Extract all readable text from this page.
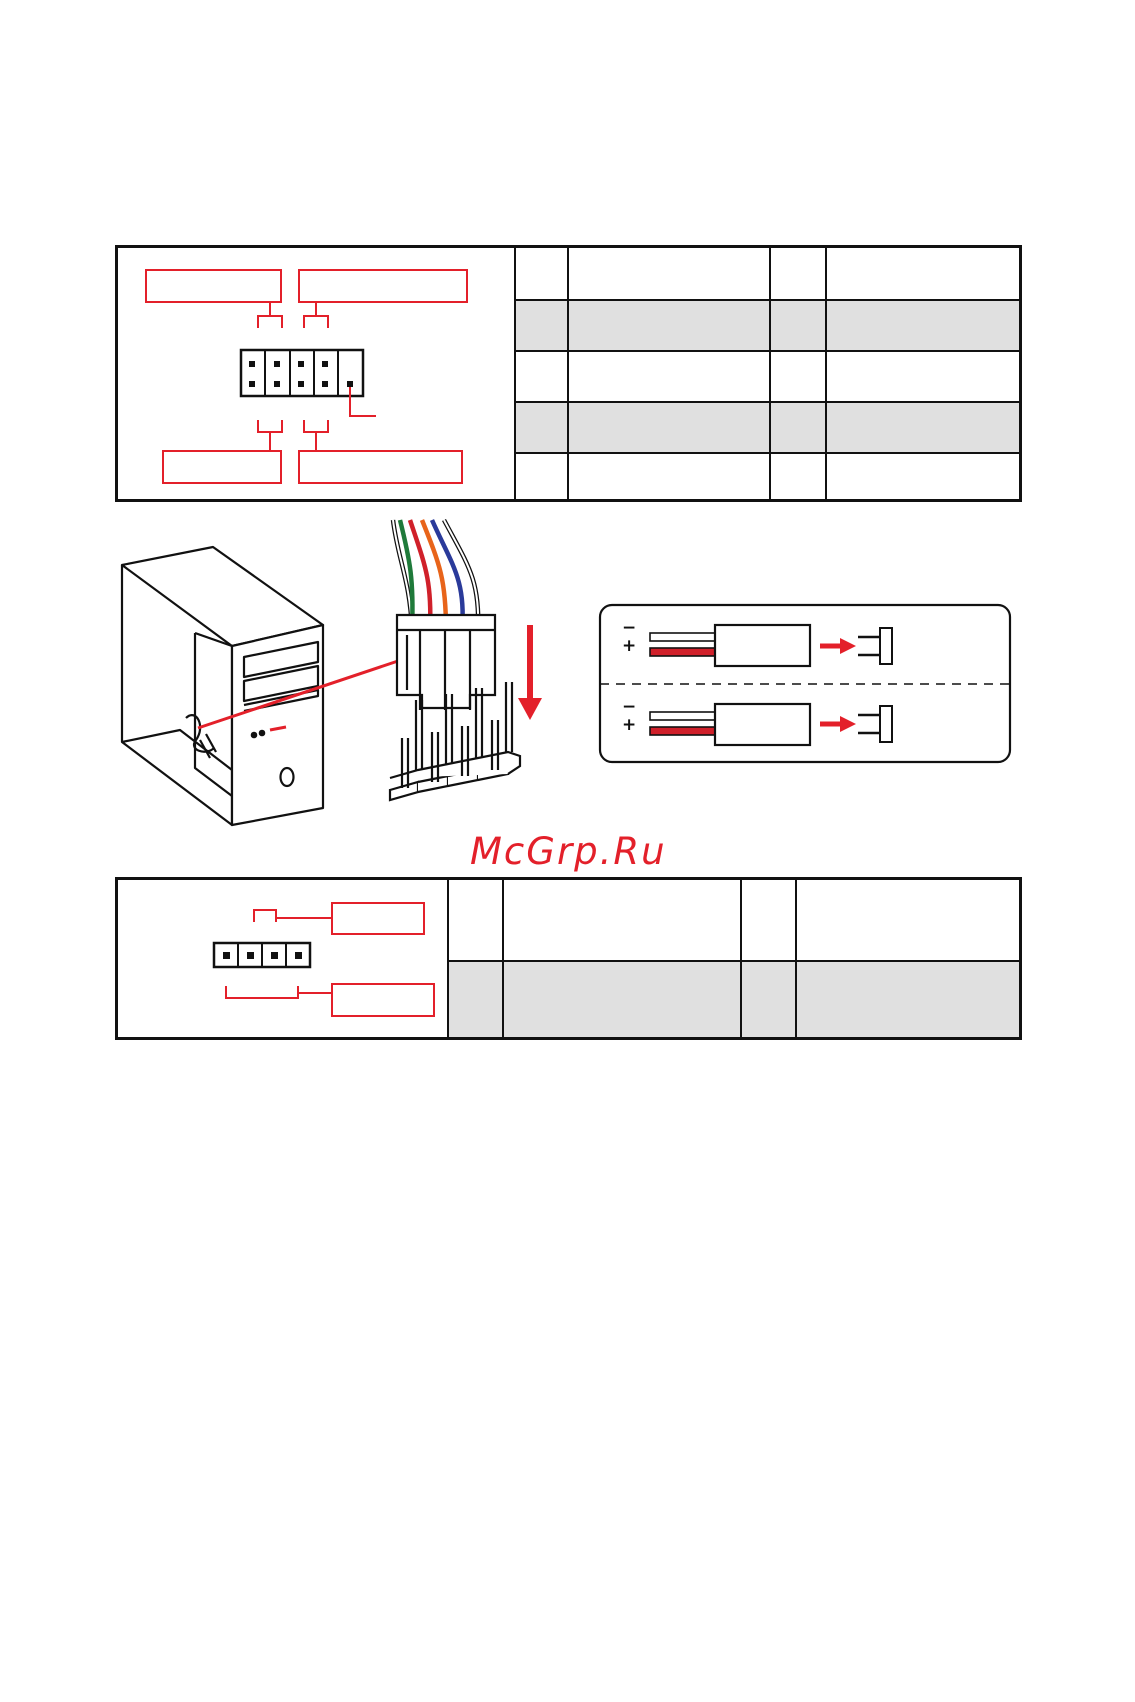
−
+
−
+
McGrp.Ru
